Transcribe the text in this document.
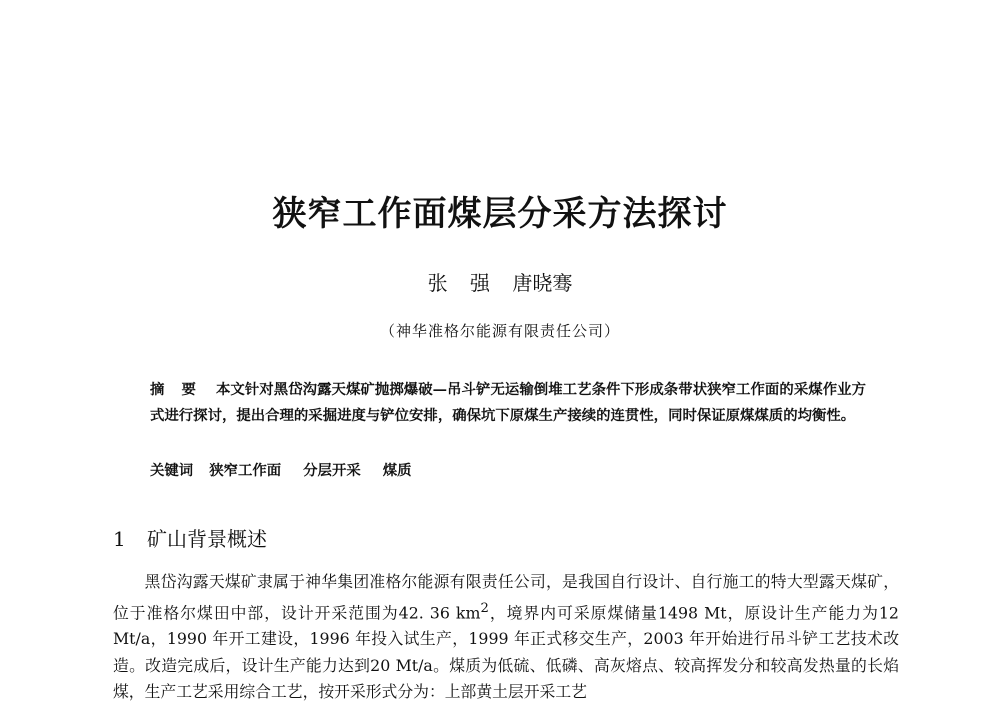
狭窄工作面煤层分采方法探讨
张 强 唐晓骞
（神华准格尔能源有限责任公司）
摘 要 本文针对黑岱沟露天煤矿抛掷爆破—吊斗铲无运输倒堆工艺条件下形成条带状狭窄工作面的采煤作业方式进行探讨，提出合理的采掘进度与铲位安排，确保坑下原煤生产接续的连贯性，同时保证原煤煤质的均衡性。
关键词 狭窄工作面 分层开采 煤质
1 矿山背景概述
黑岱沟露天煤矿隶属于神华集团准格尔能源有限责任公司，是我国自行设计、自行施工的特大型露天煤矿，位于准格尔煤田中部，设计开采范围为42. 36 $km^2$，境界内可采原煤储量1498 Mt，原设计生产能力为12 Mt/a，1990 年开工建设，1996 年投入试生产，1999 年正式移交生产，2003 年开始进行吊斗铲工艺技术改造。改造完成后，设计生产能力达到20 Mt/a。煤质为低硫、低磷、高灰熔点、较高挥发分和较高发热量的长焰煤，生产工艺采用综合工艺，按开采形式分为：上部黄土层开采工艺
